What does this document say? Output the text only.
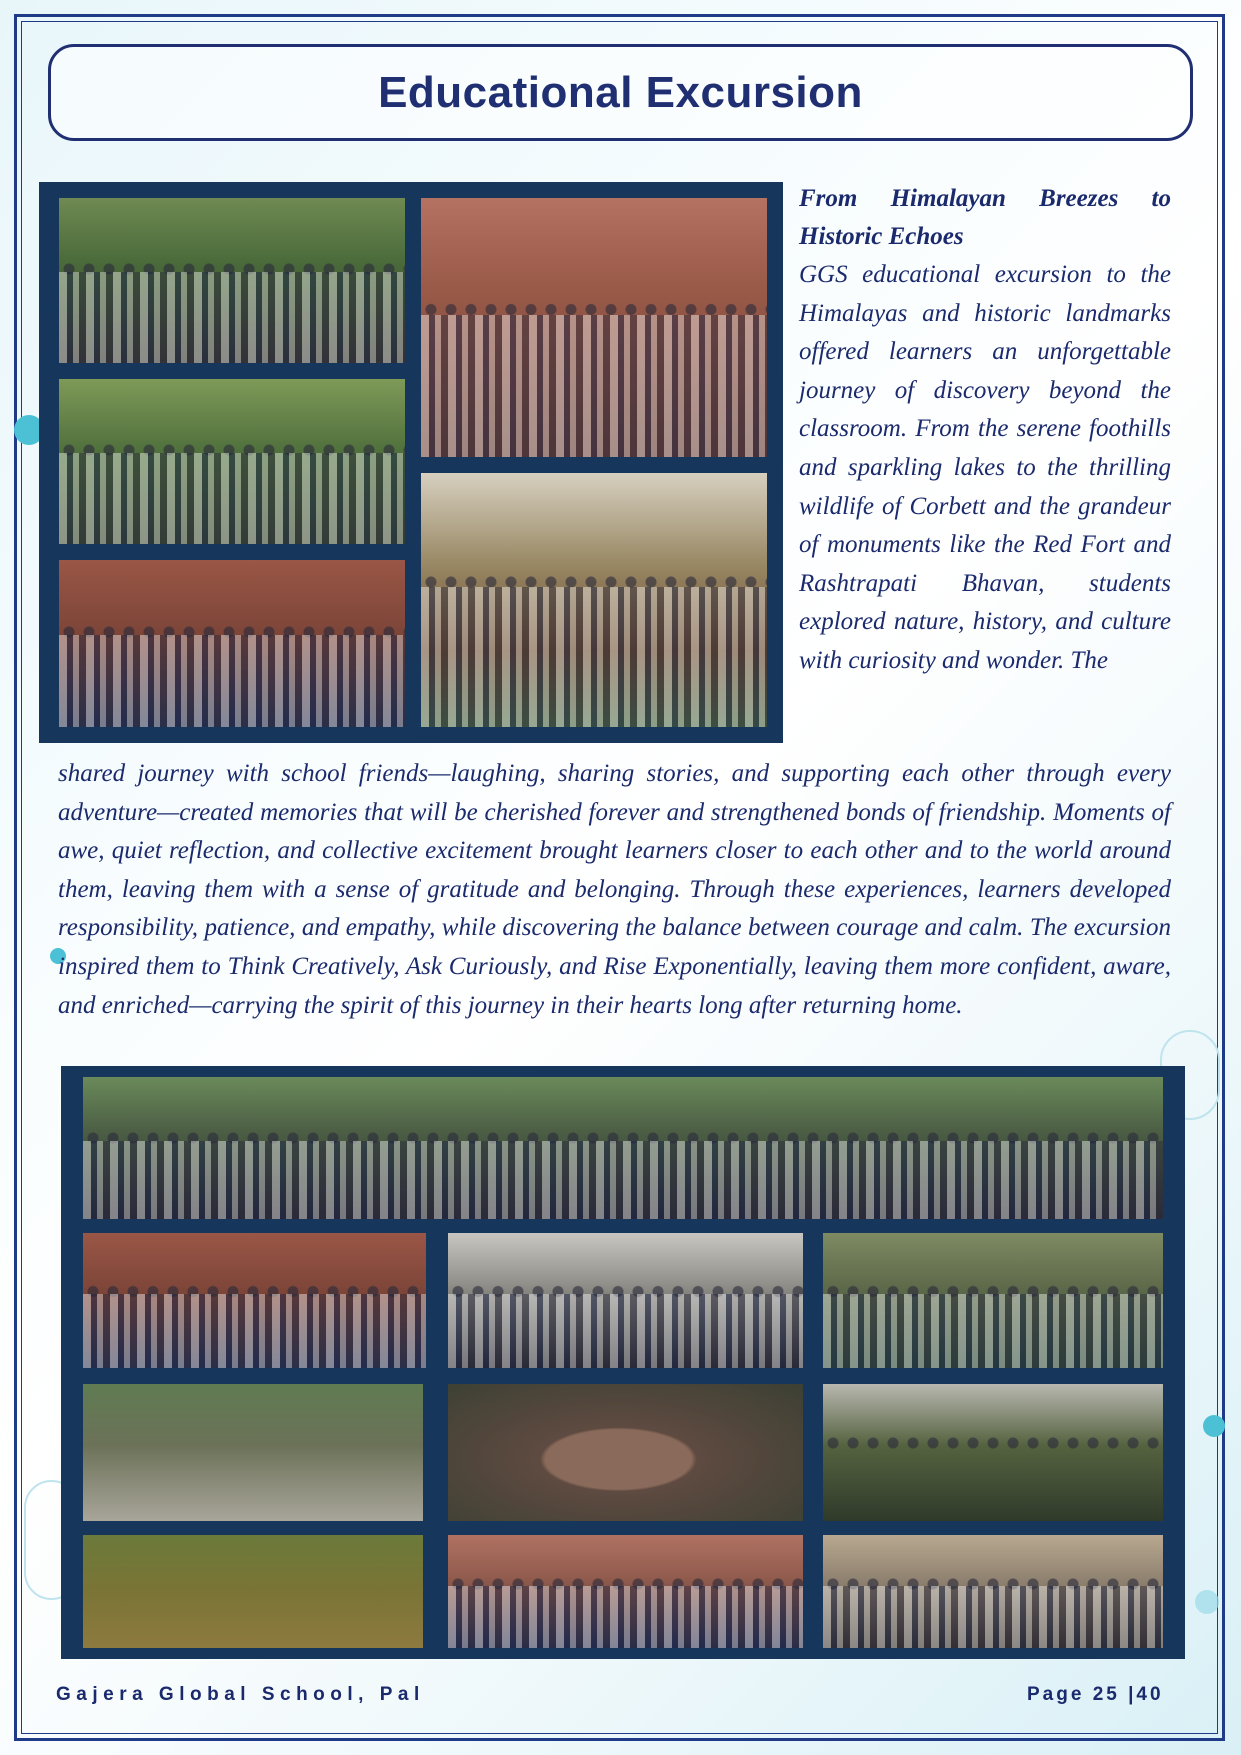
Educational Excursion
From Himalayan Breezes to Historic Echoes
GGS educational excursion to the Himalayas and historic landmarks offered learners an unforgettable journey of discovery beyond the classroom. From the serene foothills and sparkling lakes to the thrilling wildlife of Corbett and the grandeur of monuments like the Red Fort and Rashtrapati Bhavan, students explored nature, history, and culture with curiosity and wonder. The
shared journey with school friends—laughing, sharing stories, and supporting each other through every adventure—created memories that will be cherished forever and strengthened bonds of friendship. Moments of awe, quiet reflection, and collective excitement brought learners closer to each other and to the world around them, leaving them with a sense of gratitude and belonging. Through these experiences, learners developed responsibility, patience, and empathy, while discovering the balance between courage and calm. The excursion inspired them to Think Creatively, Ask Curiously, and Rise Exponentially, leaving them more confident, aware, and enriched—carrying the spirit of this journey in their hearts long after returning home.
Gajera Global School, Pal	Page 25 |40
